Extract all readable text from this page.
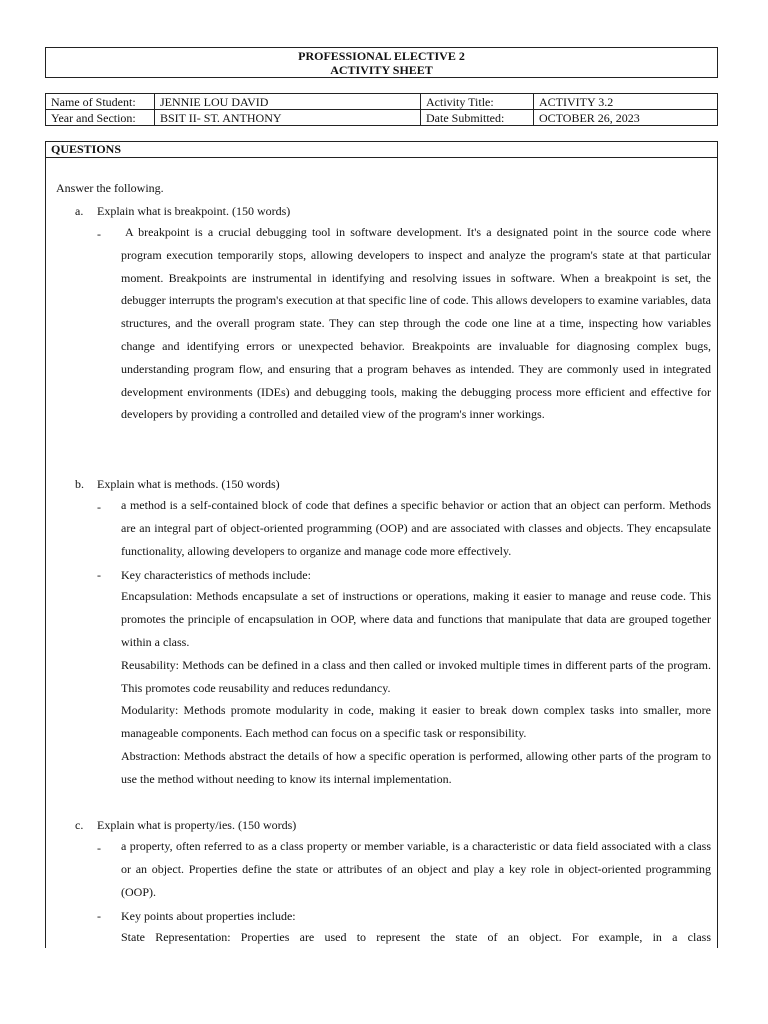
PROFESSIONAL ELECTIVE 2
ACTIVITY SHEET
Name of Student:	JENNIE LOU DAVID	Activity Title:	ACTIVITY 3.2
Year and Section:	BSIT II- ST. ANTHONY	Date Submitted:	OCTOBER 26, 2023
QUESTIONS
Answer the following.
a. Explain what is breakpoint. (150 words)
-	A breakpoint is a crucial debugging tool in software development. It's a designated point in the source code where program execution temporarily stops, allowing developers to inspect and analyze the program's state at that particular moment. Breakpoints are instrumental in identifying and resolving issues in software. When a breakpoint is set, the debugger interrupts the program's execution at that specific line of code. This allows developers to examine variables, data structures, and the overall program state. They can step through the code one line at a time, inspecting how variables change and identifying errors or unexpected behavior. Breakpoints are invaluable for diagnosing complex bugs, understanding program flow, and ensuring that a program behaves as intended. They are commonly used in integrated development environments (IDEs) and debugging tools, making the debugging process more efficient and effective for developers by providing a controlled and detailed view of the program's inner workings.
b. Explain what is methods. (150 words)
- a method is a self-contained block of code that defines a specific behavior or action that an object can perform. Methods are an integral part of object-oriented programming (OOP) and are associated with classes and objects. They encapsulate functionality, allowing developers to organize and manage code more effectively.
- Key characteristics of methods include:
Encapsulation: Methods encapsulate a set of instructions or operations, making it easier to manage and reuse code. This promotes the principle of encapsulation in OOP, where data and functions that manipulate that data are grouped together within a class.
Reusability: Methods can be defined in a class and then called or invoked multiple times in different parts of the program. This promotes code reusability and reduces redundancy.
Modularity: Methods promote modularity in code, making it easier to break down complex tasks into smaller, more manageable components. Each method can focus on a specific task or responsibility.
Abstraction: Methods abstract the details of how a specific operation is performed, allowing other parts of the program to use the method without needing to know its internal implementation.
c. Explain what is property/ies. (150 words)
- a property, often referred to as a class property or member variable, is a characteristic or data field associated with a class or an object. Properties define the state or attributes of an object and play a key role in object-oriented programming (OOP).
- Key points about properties include:
State Representation: Properties are used to represent the state of an object. For example, in a class
